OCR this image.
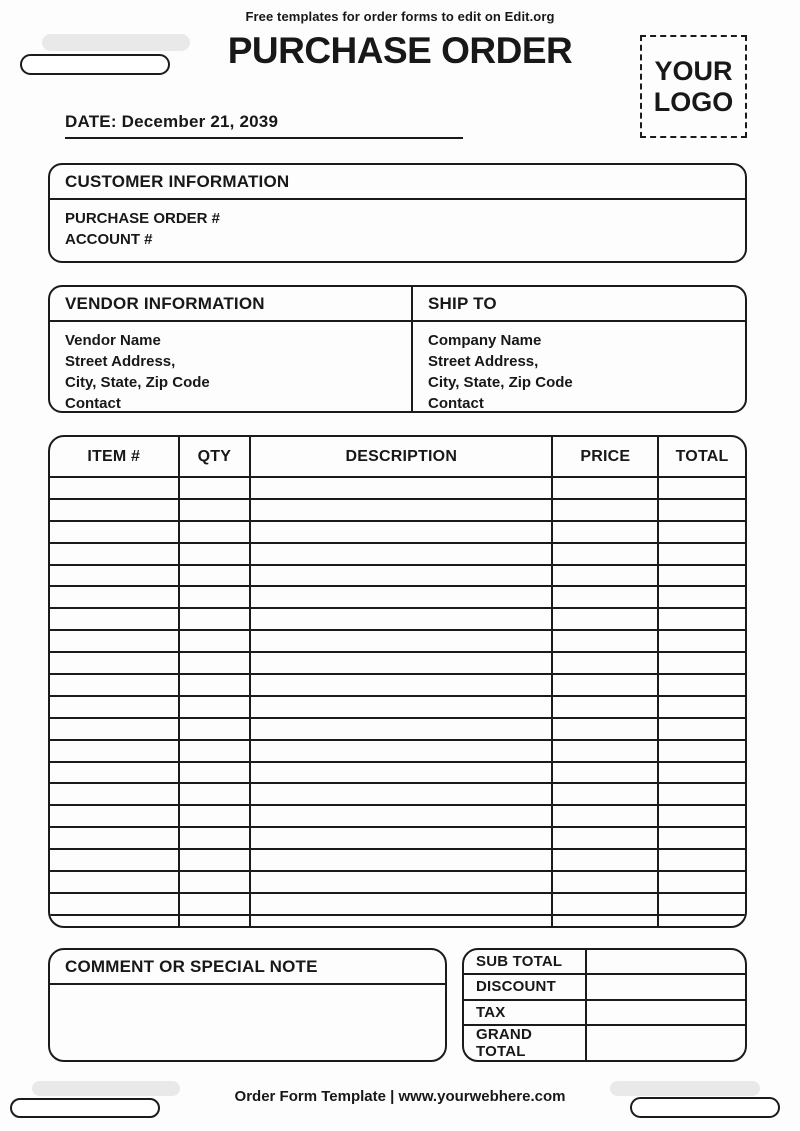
Free templates for order forms to edit on Edit.org
PURCHASE ORDER
YOUR
LOGO
DATE: December 21, 2039
CUSTOMER INFORMATION
PURCHASE ORDER #
ACCOUNT #
VENDOR INFORMATION
Vendor Name
Street Address,
City, State, Zip Code
Contact
SHIP TO
Company Name
Street Address,
City, State, Zip Code
Contact
ITEM #	QTY	DESCRIPTION	PRICE	TOTAL

COMMENT OR SPECIAL NOTE	SUB TOTAL
DISCOUNT
TAX
GRAND TOTAL
Order Form Template | www.yourwebhere.com
